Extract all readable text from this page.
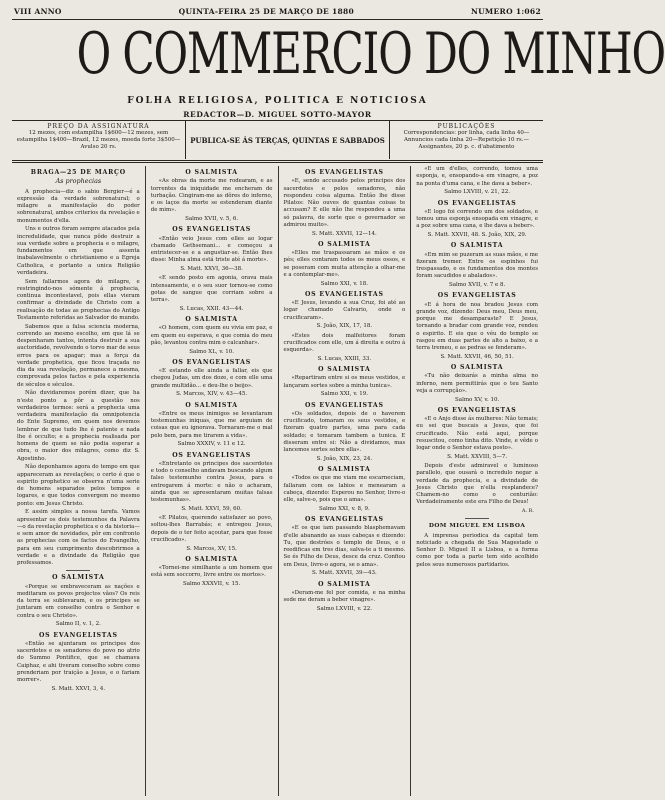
VIII ANNO	QUINTA-FEIRA 25 DE MARÇO DE 1880	NUMERO 1:062
O COMMERCIO DO MINHO
FOLHA RELIGIOSA, POLITICA E NOTICIOSA
REDACTOR—D. MIGUEL SOTTO-MAYOR
PREÇO DA ASSIGNATURA
12 mezes, com estampilha 1$600—12 mezes, sem estampilha 1$400—Brazil, 12 mezes, moeda forte 3$500—Avulso 20 rs.
PUBLICA-SE ÁS TERÇAS, QUINTAS E SABBADOS
PUBLICAÇÕES
Correspondencias: por linha, cada linha 40—Annuncios cada linha 20—Repetição 10 rs.—Assignantes, 20 p. c. d'abatimento
BRAGA—25 DE MARÇO
As prophecias

A prophecia—diz o sabio Bergier—é a expressão da verdade sobrenatural; o milagre a manifestação do poder sobrenatural, ambos criterios da revelação e monumentos d'ella.

Uns e outros foram sempre atacados pela incredulidade, que nunca pôde destruir a sua verdade sobre a prophecia e o milagre, fundamentos em que assenta inabalavelmente o christianismo e a Egreja Catholica, e portanto a unica Religião verdadeira.

Sem fallarmos agora do milagre, e restringindo-nos sómente á prophecia, continua incontestavel, pois ellas vieram confirmar a divindade de Christo com a realisação de todas as prophecias do Antigo Testamento referidas ao Salvador do mundo.

Sabemos que a falsa sciencia moderna, correndo ao mesmo escolho, em que lá se despenharam tantos, intenta destruir a sua auctoridade, revolvendo o torvo mar de seus erros para os apagar; mas a força da verdade prophetica, que ficou traçada no dia da sua revelação, permanece a mesma, comprovada pelos factos e pela experiencia de séculos e séculos.

Não duvidaremos porém dizer, que ha n'este ponto a pôr a questão nos verdadeiros termos: será a prophecia uma verdadeira manifestação da omnipotencia do Ente Supremo, em quem nos devemos lembrar de que tudo lhe é patente e nada lhe é occulto; e a prophecia realisada por homens de quem se não podia esperar a obra, o maior dos milagres, como diz S. Agostinho.

Não deponhamos agora do tempo em que appareceram as revelações; o certo é que o espirito prophetico se observa n'uma serie de homens separados pelos tempos e logares, e que todos convergem no mesmo ponto: em Jesus Christo.

E assim simples a nossa tarefa. Vamos apresentar os dois testemunhos da Palavra—o da revelação prophetica e o da historia—e sem amor de novidades, pôr em confronto as prophecias com os factos do Evangelho, para em seu cumprimento descobrirmos a verdade e a divindade da Religião que professamos.

O SALMISTA

«Porque se embraveceram as nações e meditaram os povos projectos vãos? Os reis da terra se sublevaram, e os principes se juntaram em conselho contra o Senhor e contra o seu Christo».

Salmo II, v. 1, 2.
OS EVANGELISTAS

«Então se ajuntaram os principes dos sacerdotes e os senadores do povo no atrio do Summo Pontifice, que se chamava Caiphaz, e ahi tiveram conselho sobre como prenderiam por traição a Jesus, e o fariam morrer».

S. Matt. XXVI, 3, 4.
O SALMISTA

«As obras da morte me rodearam, e as torrentes da iniquidade me encheram de turbação. Cingiram-me as dôres do inferno, e os laços da morte se estenderam diante de mim».

Salmo XVII, v. 5, 6.
OS EVANGELISTAS

«Então veio Jesus com elles ao logar chamado Gethsemani... e começou a entristecer-se e a angustiar-se. Então lhes disse: Minha alma está triste até á morte».

S. Matt. XXVI, 36—38.

«E sendo posto em agonia, orava mais intensamente, e o seu suor tornou-se como gotas de sangue que corriam sobre a terra».

S. Lucas, XXII. 43—44.
O SALMISTA

«O homem, com quem eu vivia em paz, e em quem eu esperava, e que comia do meu pão, levantou contra mim o calcanhar».

Salmo XL, v. 10.
OS EVANGELISTAS

«E estando elle ainda a fallar, eis que chegou Judas, um dos doze, e com elle uma grande multidão... e deu-lhe o beijo».

S. Marcos, XIV, v. 43—45.
O SALMISTA

«Entre os meus inimigos se levantaram testemunhas iniquas, que me arguiam de coisas que eu ignorava. Tornaram-me o mal pelo bem, para me tirarem a vida».

Salmo XXXIV, v. 11 e 12.
OS EVANGELISTAS

«Entretanto os principes dos sacerdotes e todo o conselho andavam buscando algum falso testemunho contra Jesus, para o entregarem á morte: e não o acharam, ainda que se apresentaram muitas falsas testemunhas».

S. Matt. XXVI, 59, 60.

«E Pilatos, querendo satisfazer ao povo, soltou-lhes Barrabás; e entregou Jesus, depois de o ter feito açoutar, para que fosse crucificado».

S. Marcos, XV, 15.
O SALMISTA

«Tornei-me similhante a um homem que está sem soccorro, livre entre os mortos».

Salmo XXXVII, v. 15.
OS EVANGELISTAS

«E, sendo accusado pelos principes dos sacerdotes e pelos senadores, não respondeu coisa alguma. Então lhe disse Pilatos: Não ouves de quantas coisas te accusam? E elle não lhe respondeu a uma só palavra, de sorte que o governador se admirou muito».

S. Matt. XXVII, 12—14.
O SALMISTA

«Elles me traspassaram as mãos e os pés; elles contaram todos os meus ossos, e se poseram com muita attenção a olhar-me e a contemplar-me».

Salmo XXI, v. 18.
OS EVANGELISTAS

«E Jesus, levando a sua Cruz, foi até ao logar chamado Calvario, onde o crucificaram».

S. João, XIX, 17, 18.

«Estes dois malfeitores foram crucificados com elle, um á direita e outro á esquerda».

S. Lucas, XXIII, 33.
O SALMISTA

«Repartiram entre si os meus vestidos, e lançaram sortes sobre a minha tunica».

Salmo XXI, v. 19.
OS EVANGELISTAS

«Os soldados, depois de o haverem crucificado, tomaram os seus vestidos, e fizeram quatro partes, uma para cada soldado; e tomaram tambem a tunica. E disseram entre si: Não a dividamos, mas lancemos sortes sobre ella».

S. João, XIX, 23, 24.
O SALMISTA

«Todos os que me viam me escarneciam, fallaram com os labios e menearam a cabeça, dizendo: Esperou no Senhor, livre-o elle, salve-o, pois que o ama».

Salmo XXI, v. 8, 9.
OS EVANGELISTAS

«E os que iam passando blasphemavam d'elle abanando as suas cabeças e dizendo: Tu, que destróes o templo de Deus, e o reedificas em tres dias, salva-te a ti mesmo. Se és Filho de Deus, desce da cruz. Confiou em Deus, livre-o agora, se o ama».

S. Matt. XXVII, 39—43.
O SALMISTA

«Deram-me fel por comida, e na minha sede me deram a beber vinagre».

Salmo LXVIII, v. 22.

«E um d'elles, correndo, tomou uma esponja, e, ensopando-a em vinagre, a poz na ponta d'uma cana, e lhe dava a beber».

Salmo LXVIII, v. 21, 22.
OS EVANGELISTAS

«E logo foi correndo um dos soldados, e tomou uma esponja ensopada em vinagre, e a poz sobre uma cana, e lhe dava a beber».

S. Matt. XXVII, 48. S. João, XIX, 29.
O SALMISTA

«Em mim se puzeram as suas mãos, e me fizeram tremer. Entre os espinhos fui trespassado, e os fundamentos dos montes foram sacudidos e abalados».

Salmo XVII, v. 7 e 8.
OS EVANGELISTAS

«E á hora de noa bradou Jesus com grande voz, dizendo: Deus meu, Deus meu, porque me desamparaste? E Jesus, tornando a bradar com grande voz, rendeu o espirito. E eis que o véu do templo se rasgou em duas partes de alto a baixo, e a terra tremeu, e as pedras se fenderam».

S. Matt. XXVII, 46, 50, 51.
O SALMISTA

«Tu não deixarás a minha alma no inferno, nem permittirás que o teu Santo veja a corrupção».

Salmo XV, v. 10.
OS EVANGELISTAS

«E o Anjo disse ás mulheres: Não temais; eu sei que buscais a Jesus, que foi crucificado. Não está aqui, porque resuscitou, como tinha dito. Vinde, e vêde o logar onde o Senhor estava posto».

S. Matt. XXVIII, 5—7.

Depois d'este admiravel e luminoso parallelo, que ousará o incredulo negar a verdade da prophecia, e a divindade de Jesus Christo que n'ella resplandece? Chamem-no como o centurião: Verdadeiramente este era Filho de Deus!

A. R.
DOM MIGUEL EM LISBOA

A imprensa periodica da capital tem noticiado a chegada de Sua Magestade o Senhor D. Miguel II a Lisboa, e a forma como por toda a parte tem sido acolhido pelos seus numerosos partidarios.
